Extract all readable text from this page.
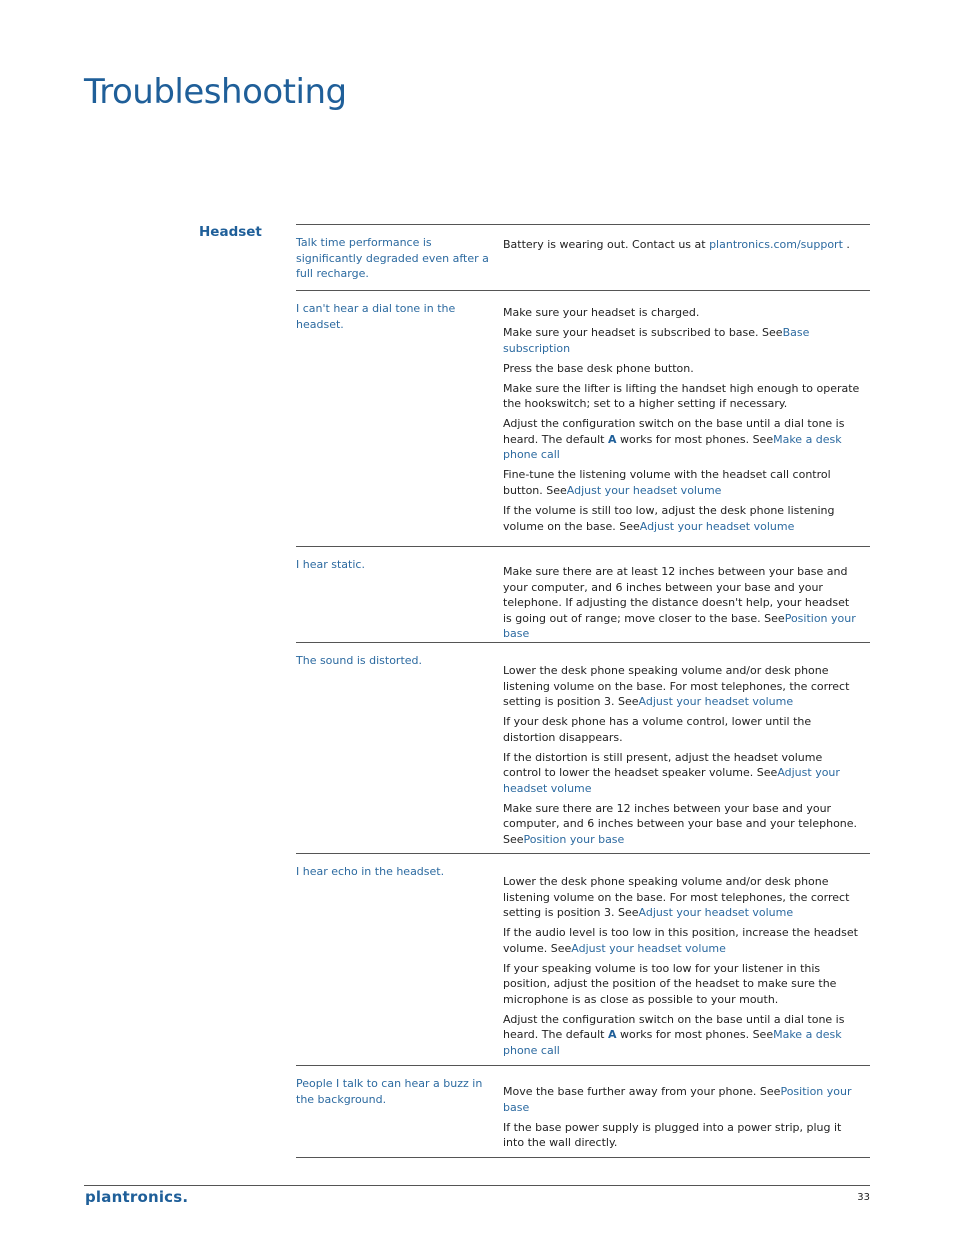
Troubleshooting
Headset
Talk time performance is significantly degraded even after a full recharge.

Battery is wearing out. Contact us at plantronics.com/support .

I can't hear a dial tone in the headset.

Make sure your headset is charged.

Make sure your headset is subscribed to base. SeeBase subscription

Press the base desk phone button.

Make sure the lifter is lifting the handset high enough to operate the hookswitch; set to a higher setting if necessary.

Adjust the configuration switch on the base until a dial tone is heard. The default A works for most phones. SeeMake a desk phone call

Fine-tune the listening volume with the headset call control button. SeeAdjust your headset volume

If the volume is still too low, adjust the desk phone listening volume on the base. SeeAdjust your headset volume

I hear static.

Make sure there are at least 12 inches between your base and your computer, and 6 inches between your base and your telephone. If adjusting the distance doesn't help, your headset is going out of range; move closer to the base. SeePosition your base

The sound is distorted.

Lower the desk phone speaking volume and/or desk phone listening volume on the base. For most telephones, the correct setting is position 3. SeeAdjust your headset volume

If your desk phone has a volume control, lower until the distortion disappears.

If the distortion is still present, adjust the headset volume control to lower the headset speaker volume. SeeAdjust your headset volume

Make sure there are 12 inches between your base and your computer, and 6 inches between your base and your telephone. SeePosition your base

I hear echo in the headset.

Lower the desk phone speaking volume and/or desk phone listening volume on the base. For most telephones, the correct setting is position 3. SeeAdjust your headset volume

If the audio level is too low in this position, increase the headset volume. SeeAdjust your headset volume

If your speaking volume is too low for your listener in this position, adjust the position of the headset to make sure the microphone is as close as possible to your mouth.

Adjust the configuration switch on the base until a dial tone is heard. The default A works for most phones. SeeMake a desk phone call

People I talk to can hear a buzz in the background.

Move the base further away from your phone. SeePosition your base

If the base power supply is plugged into a power strip, plug it into the wall directly.

plantronics.	33
